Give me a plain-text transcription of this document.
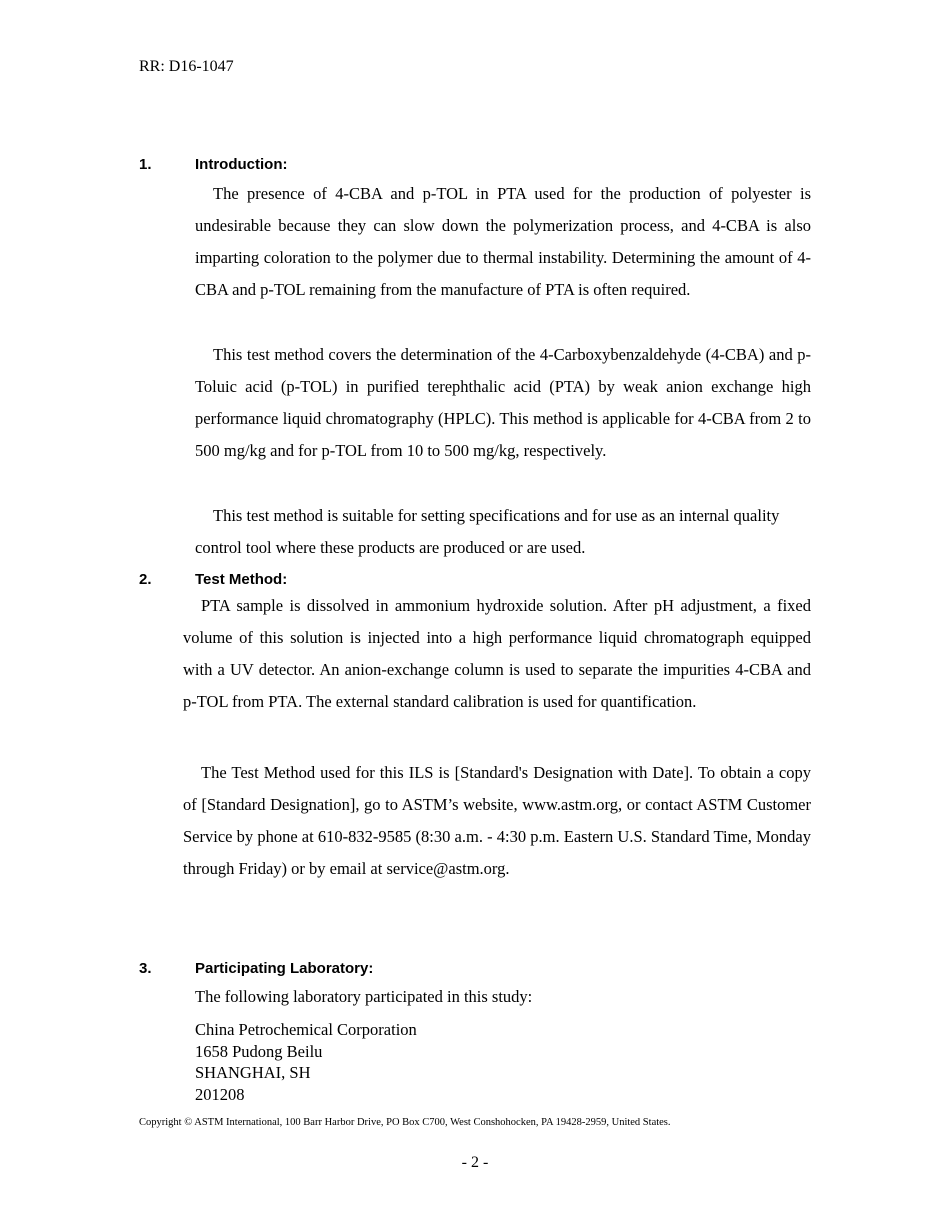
RR: D16-1047
1.	Introduction:
The presence of 4-CBA and p-TOL in PTA used for the production of polyester is undesirable because they can slow down the polymerization process, and 4-CBA is also imparting coloration to the polymer due to thermal instability. Determining the amount of 4-CBA and p-TOL remaining from the manufacture of PTA is often required.
This test method covers the determination of the 4-Carboxybenzaldehyde (4-CBA) and p-Toluic acid (p-TOL) in purified terephthalic acid (PTA) by weak anion exchange high performance liquid chromatography (HPLC). This method is applicable for 4-CBA from 2 to 500 mg/kg and for p-TOL from 10 to 500 mg/kg, respectively.
This test method is suitable for setting specifications and for use as an internal quality control tool where these products are produced or are used.
2.	Test Method:
PTA sample is dissolved in ammonium hydroxide solution. After pH adjustment, a fixed volume of this solution is injected into a high performance liquid chromatograph equipped with a UV detector. An anion-exchange column is used to separate the impurities 4-CBA and p-TOL from PTA. The external standard calibration is used for quantification.
The Test Method used for this ILS is [Standard's Designation with Date]. To obtain a copy of [Standard Designation], go to ASTM’s website, www.astm.org, or contact ASTM Customer Service by phone at 610-832-9585 (8:30 a.m. - 4:30 p.m. Eastern U.S. Standard Time, Monday through Friday) or by email at service@astm.org.
3.	Participating Laboratory:
The following laboratory participated in this study:
China Petrochemical Corporation
1658 Pudong Beilu
SHANGHAI, SH
201208
Copyright © ASTM International, 100 Barr Harbor Drive, PO Box C700, West Conshohocken, PA 19428-2959, United States.
- 2 -
